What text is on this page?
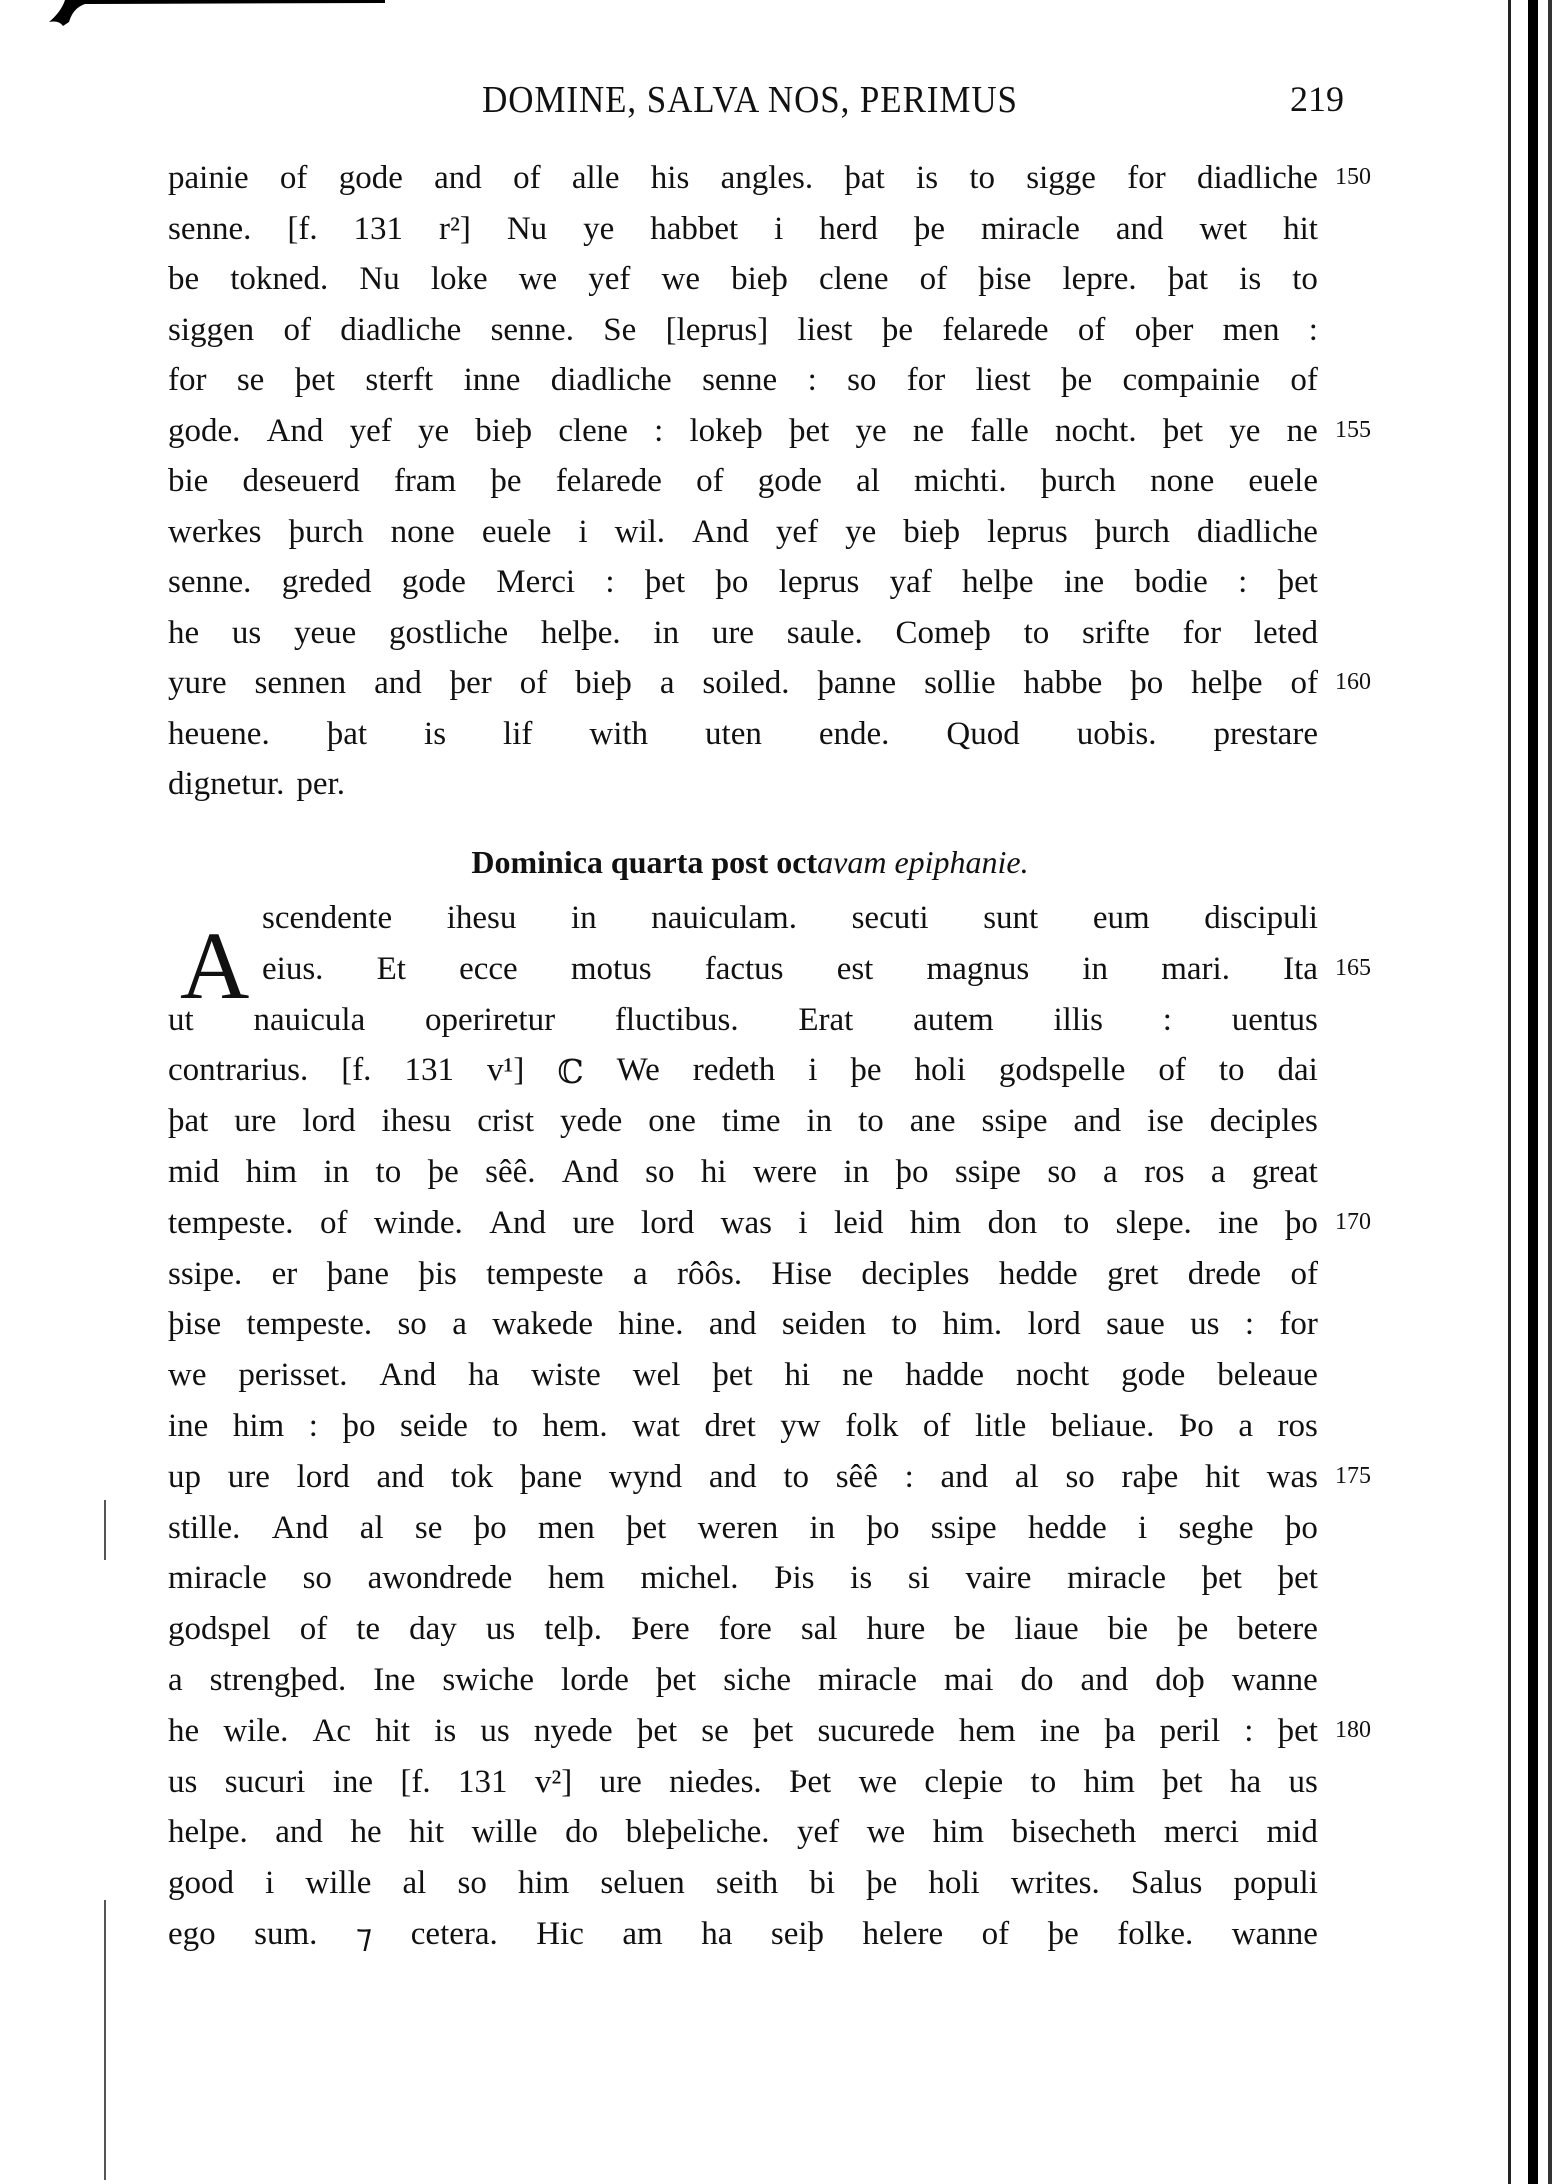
DOMINE, SALVA NOS, PERIMUS	219
painie of gode and of alle his angles. þat is to sigge for diadliche 150
senne. [f. 131 r²] Nu ye habbet i herd þe miracle and wet hit
be tokned. Nu loke we yef we bieþ clene of þise lepre. þat is to
siggen of diadliche senne. Se [leprus] liest þe felarede of oþer men :
for se þet sterft inne diadliche senne : so for liest þe compainie of
gode. And yef ye bieþ clene : lokeþ þet ye ne falle nocht. þet ye ne 155
bie deseuerd fram þe felarede of gode al michti. þurch none euele
werkes þurch none euele i wil. And yef ye bieþ leprus þurch diadliche
senne. greded gode Merci : þet þo leprus yaf helþe ine bodie : þet
he us yeue gostliche helþe. in ure saule. Comeþ to srifte for leted
yure sennen and þer of bieþ a soiled. þanne sollie habbe þo helþe of 160
heuene. þat is lif with uten ende. Quod uobis. prestare
dignetur. per.
Dominica quarta post octavam epiphanie.
A scendente ihesu in nauiculam. secuti sunt eum discipuli
eius. Et ecce motus factus est magnus in mari. Ita 165
ut nauicula operiretur fluctibus. Erat autem illis : uentus
contrarius. [f. 131 v¹] ℂ We redeth i þe holi godspelle of to dai
þat ure lord ihesu crist yede one time in to ane ssipe and ise deciples
mid him in to þe sêê. And so hi were in þo ssipe so a ros a great
tempeste. of winde. And ure lord was i leid him don to slepe. ine þo 170
ssipe. er þane þis tempeste a rôôs. Hise deciples hedde gret drede of
þise tempeste. so a wakede hine. and seiden to him. lord saue us : for
we perisset. And ha wiste wel þet hi ne hadde nocht gode beleaue
ine him : þo seide to hem. wat dret yw folk of litle beliaue. Þo a ros
up ure lord and tok þane wynd and to sêê : and al so raþe hit was 175
stille. And al se þo men þet weren in þo ssipe hedde i seghe þo
miracle so awondrede hem michel. Þis is si vaire miracle þet þet
godspel of te day us telþ. Þere fore sal hure be liaue bie þe betere
a strengþed. Ine swiche lorde þet siche miracle mai do and doþ wanne
he wile. Ac hit is us nyede þet se þet sucurede hem ine þa peril : þet 180
us sucuri ine [f. 131 v²] ure niedes. Þet we clepie to him þet ha us
helpe. and he hit wille do bleþeliche. yef we him bisecheth merci mid
good i wille al so him seluen seith bi þe holi writes. Salus populi
ego sum. ⁊ cetera. Hic am ha seiþ helere of þe folke. wanne
